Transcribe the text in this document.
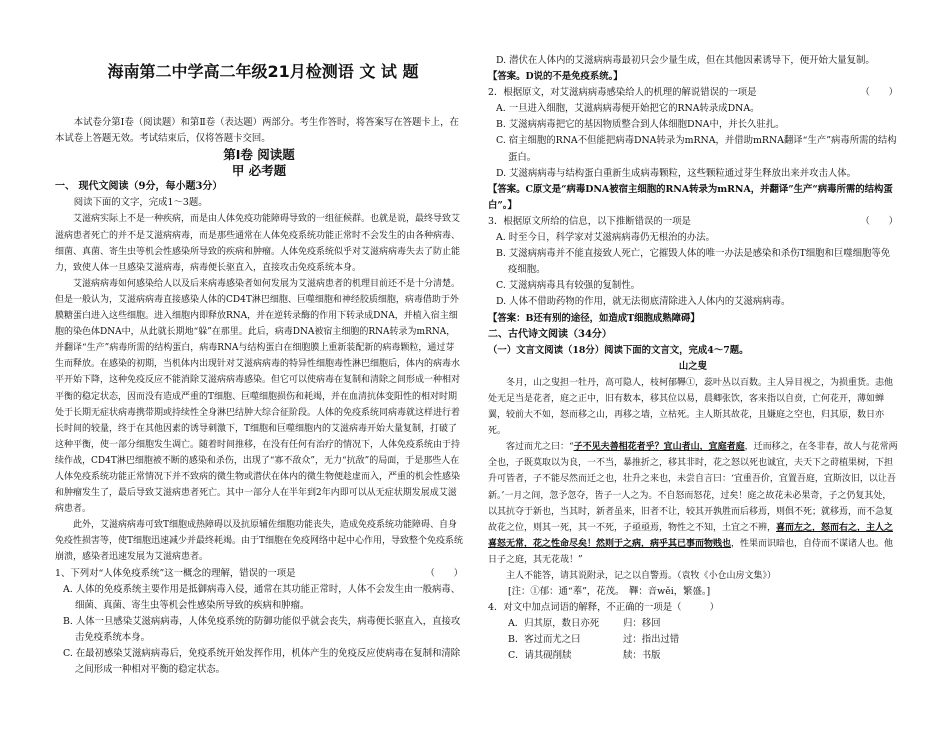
海南第二中学高二年级21月检测语 文 试 题

本试卷分第Ⅰ卷（阅读题）和第Ⅱ卷（表达题）两部分。考生作答时，将答案写在答题卡上，在本试卷上答题无效。考试结束后，仅将答题卡交回。

第Ⅰ卷 阅读题
甲 必考题
一、 现代文阅读（9分，每小题3分）

阅读下面的文字，完成1～3题。

艾滋病实际上不是一种疾病，而是由人体免疫功能障碍导致的一组征候群。也就是说，最终导致艾滋病患者死亡的并不是艾滋病病毒，而是那些通常在人体免疫系统功能正常时不会发生的由各种病毒、细菌、真菌、寄生虫等机会性感染所导致的疾病和肿瘤。人体免疫系统似乎对艾滋病病毒失去了防止能力，致使人体一旦感染艾滋病毒，病毒便长驱直入，直接攻击免疫系统本身。

艾滋病病毒如何感染给人以及后来病毒感染者如何发展为艾滋病患者的机理目前还不是十分清楚。但是一般认为，艾滋病病毒直接感染人体的CD4T淋巴细胞、巨噬细胞和神经胶质细胞，病毒借助于外膜糖蛋白进入这些细胞。进入细胞内即释放RNA，并在逆转录酶的作用下转录成DNA，并植入宿主细胞的染色体DNA中，从此就长期地“躲”在那里。此后，病毒DNA被宿主细胞的RNA转录为mRNA，并翻译“生产”病毒所需的结构蛋白，病毒RNA与结构蛋白在细胞膜上重新装配新的病毒颗粒，通过芽生而释放。在感染的初期，当机体内出现针对艾滋病病毒的特异性细胞毒性淋巴细胞后，体内的病毒水平开始下降，这种免疫反应不能消除艾滋病病毒感染。但它可以使病毒在复制和清除之间形成一种相对平衡的稳定状态，因而没有造成严重的T细胞、巨噬细胞损伤和耗竭，并在血清抗体变阳性的相对时期处于长期无症状病毒携带期或持续性全身淋巴结肿大综合征阶段。人体的免疫系统同病毒就这样进行着长时间的较量，终于在其他因素的诱导刺激下，T细胞和巨噬细胞内的艾滋病毒开始大量复制，打破了这种平衡，使一部分细胞发生凋亡。随着时间推移，在没有任何有治疗的情况下，人体免疫系统由于持续作战，CD4T淋巴细胞被不断的感染和杀伤，出现了“寡不敌众”，无力“抗敌”的局面，于是那些人在人体免疫系统功能正常情况下并不致病的微生物或潜伏在体内的微生物便趁虚而入，严重的机会性感染和肿瘤发生了，最后导致艾滋病患者死亡。其中一部分人在半年到2年内即可以从无症状期发展成艾滋病患者。

此外，艾滋病病毒可致T细胞成热障碍以及抗原辅佐细胞功能丧失，造成免疫系统功能障碍、自身免疫性损害等，使T细胞迅速减少并最终耗竭。由于T细胞在免疫网络中起中心作用，导致整个免疫系统崩溃，感染者迅速发展为艾滋病患者。

1、下列对“人体免疫系统”这一概念的理解，错误的一项是	（　　）

A. 人体的免疫系统主要作用是抵御病毒入侵，通常在其功能正常时，人体不会发生由一般病毒、细菌、真菌、寄生虫等机会性感染所导致的疾病和肿瘤。

B. 人体一旦感染艾滋病病毒，人体免疫系统的防御功能似乎就会丧失，病毒便长驱直入，直接攻击免疫系统本身。

C. 在最初感染艾滋病病毒后，免疫系统开始发挥作用，机体产生的免疫反应使病毒在复制和清除之间形成一种相对平衡的稳定状态。

D. 潜伏在人体内的艾滋病病毒最初只会少量生成，但在其他因素诱导下，便开始大量复制。

【答案。D说的不是免疫系统。】

2．根据原文，对艾滋病病毒感染给人的机理的解说错误的一项是	（　　）

A. 一旦进入细胞，艾滋病病毒便开始把它的RNA转录成DNA。

B. 艾滋病病毒把它的基因物质整合到人体细胞DNA中，并长久驻扎。

C. 宿主细胞的RNA不但能把病毒DNA转录为mRNA，并借助mRNA翻译“生产”病毒所需的结构蛋白。

D. 艾滋病病毒与结构蛋白重新生成病毒颗粒，这些颗粒通过芽生释放出来并攻击人体。

【答案。C原文是“病毒DNA被宿主细胞的RNA转录为mRNA，并翻译”生产“病毒所需的结构蛋白”。】

3．根据原文所给的信息，以下推断错误的一项是	（　　）

A. 时至今日，科学家对艾滋病病毒仍无根治的办法。

B. 艾滋病病毒并不能直接致人死亡，它摧毁人体的唯一办法是感染和杀伤T细胞和巨噬细胞等免疫细胞。

C. 艾滋病病毒具有较强的复制性。

D. 人体不借助药物的作用，就无法彻底清除进入人体内的艾滋病病毒。

【答案：B还有别的途径，如造成T细胞成熟障碍】

二、古代诗文阅读（34分）

（一）文言文阅读（18分）阅读下面的文言文，完成4～7题。

山之叟

冬月，山之叟担一牡丹，高可隐人，枝柯郁鞸①，蕊叶丛以百数。主人异目视之，为损重货。恚他处无足当是花者，庭之正中，旧有数本，移其位以易，晨卿张饮，客来指以自贲，亡何花开，薄如蝉翼，较前大不如，怒而移之山，再移之墙，立枯死。主人斯其故花，且嫌庭之空也，归其原，数日亦死。

客过而尤之曰：“子不见夫善相花者乎？宜山者山，宜庭者庭，迁而移之，在冬非春，故人与花常两全也，子既莫取以为良，一不当，暴推折之，移其非时，花之怒以死也诚宜，夫天下之莳植果树，下担升可皆者，子不能尽然而迁之也，壮升之来也，未尝自言曰：‘宜重吾价，宜置吾庭，宜斯汝旧，以让吾新。’一月之间，忽予忽夺，皆子一人之为。不自怒而怒花，过矣！庭之故花未必果奇，子之仍复其处，以其抗夺于新也，当其时，新者虽来，旧者不让，较其开孰胜而后移焉，则俱不死；就移焉，而不急复故花之位，则其一死，其一不死，子亟亟焉，物性之不知，土宜之不辨，喜而左之，怒而右之，主人之喜怒无常，花之性命尽矣！然则于之病，病乎其已事而物贱也，性果而识暗也，自侍而不谋诸人也。他日子之庭，其无花哉！”

主人不能答，请其说附录，记之以自警焉。（袁牧《小仓山房文集》）

[注：①郁：通“菶”，花茂。　鞸：音wěi，繁盛。]

4．对文中加点词语的解释，不正确的一项是（　　　）

A．归其原，数日亦死	归：移回
B．客过而尤之曰	过：指出过错
C．请其砚削牍	牍：书版
